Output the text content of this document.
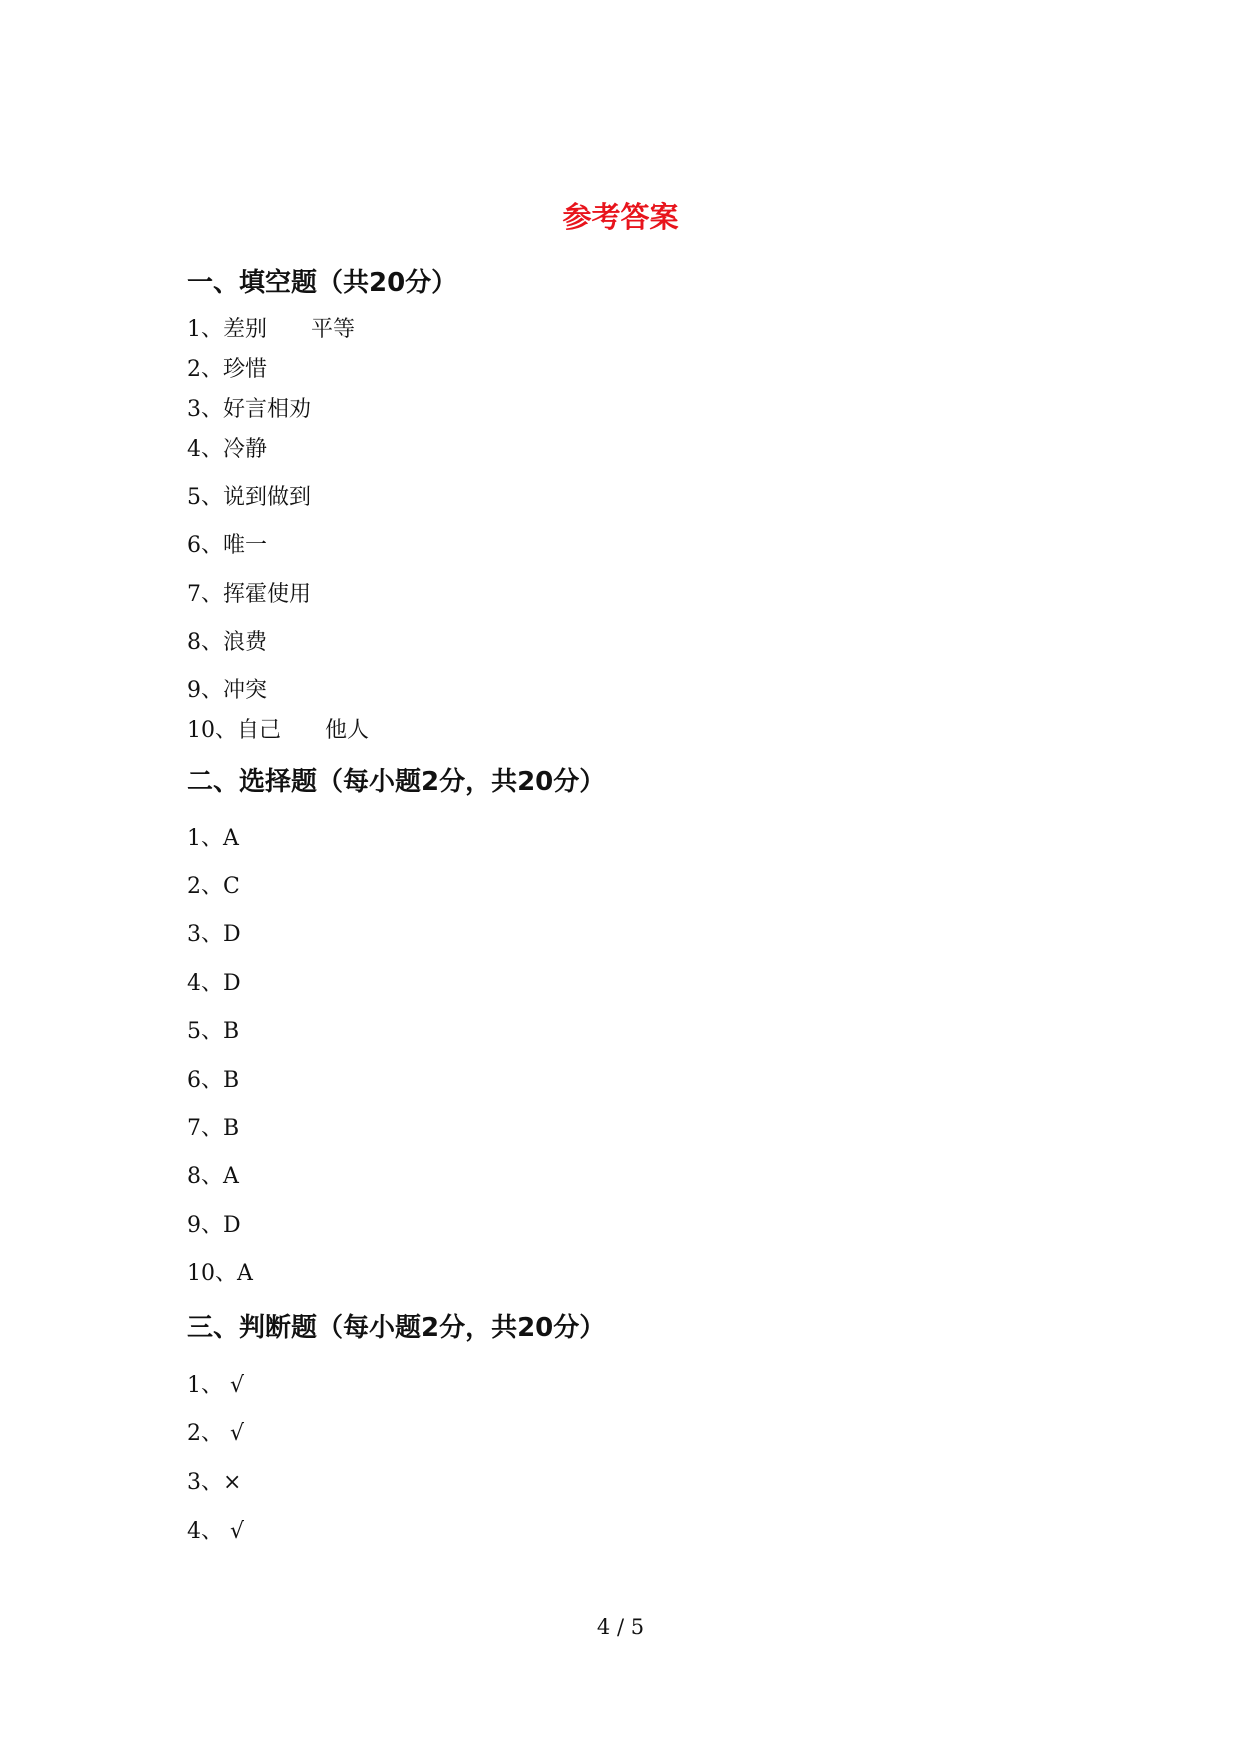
参考答案
一、填空题（共20分）
1、差别 平等
2、珍惜
3、好言相劝
4、冷静
5、说到做到
6、唯一
7、挥霍使用
8、浪费
9、冲突
10、自己 他人
二、选择题（每小题2分，共20分）
1、A
2、C
3、D
4、D
5、B
6、B
7、B
8、A
9、D
10、A
三、判断题（每小题2分，共20分）
1、 √
2、 √
3、×
4、 √
4 / 5
